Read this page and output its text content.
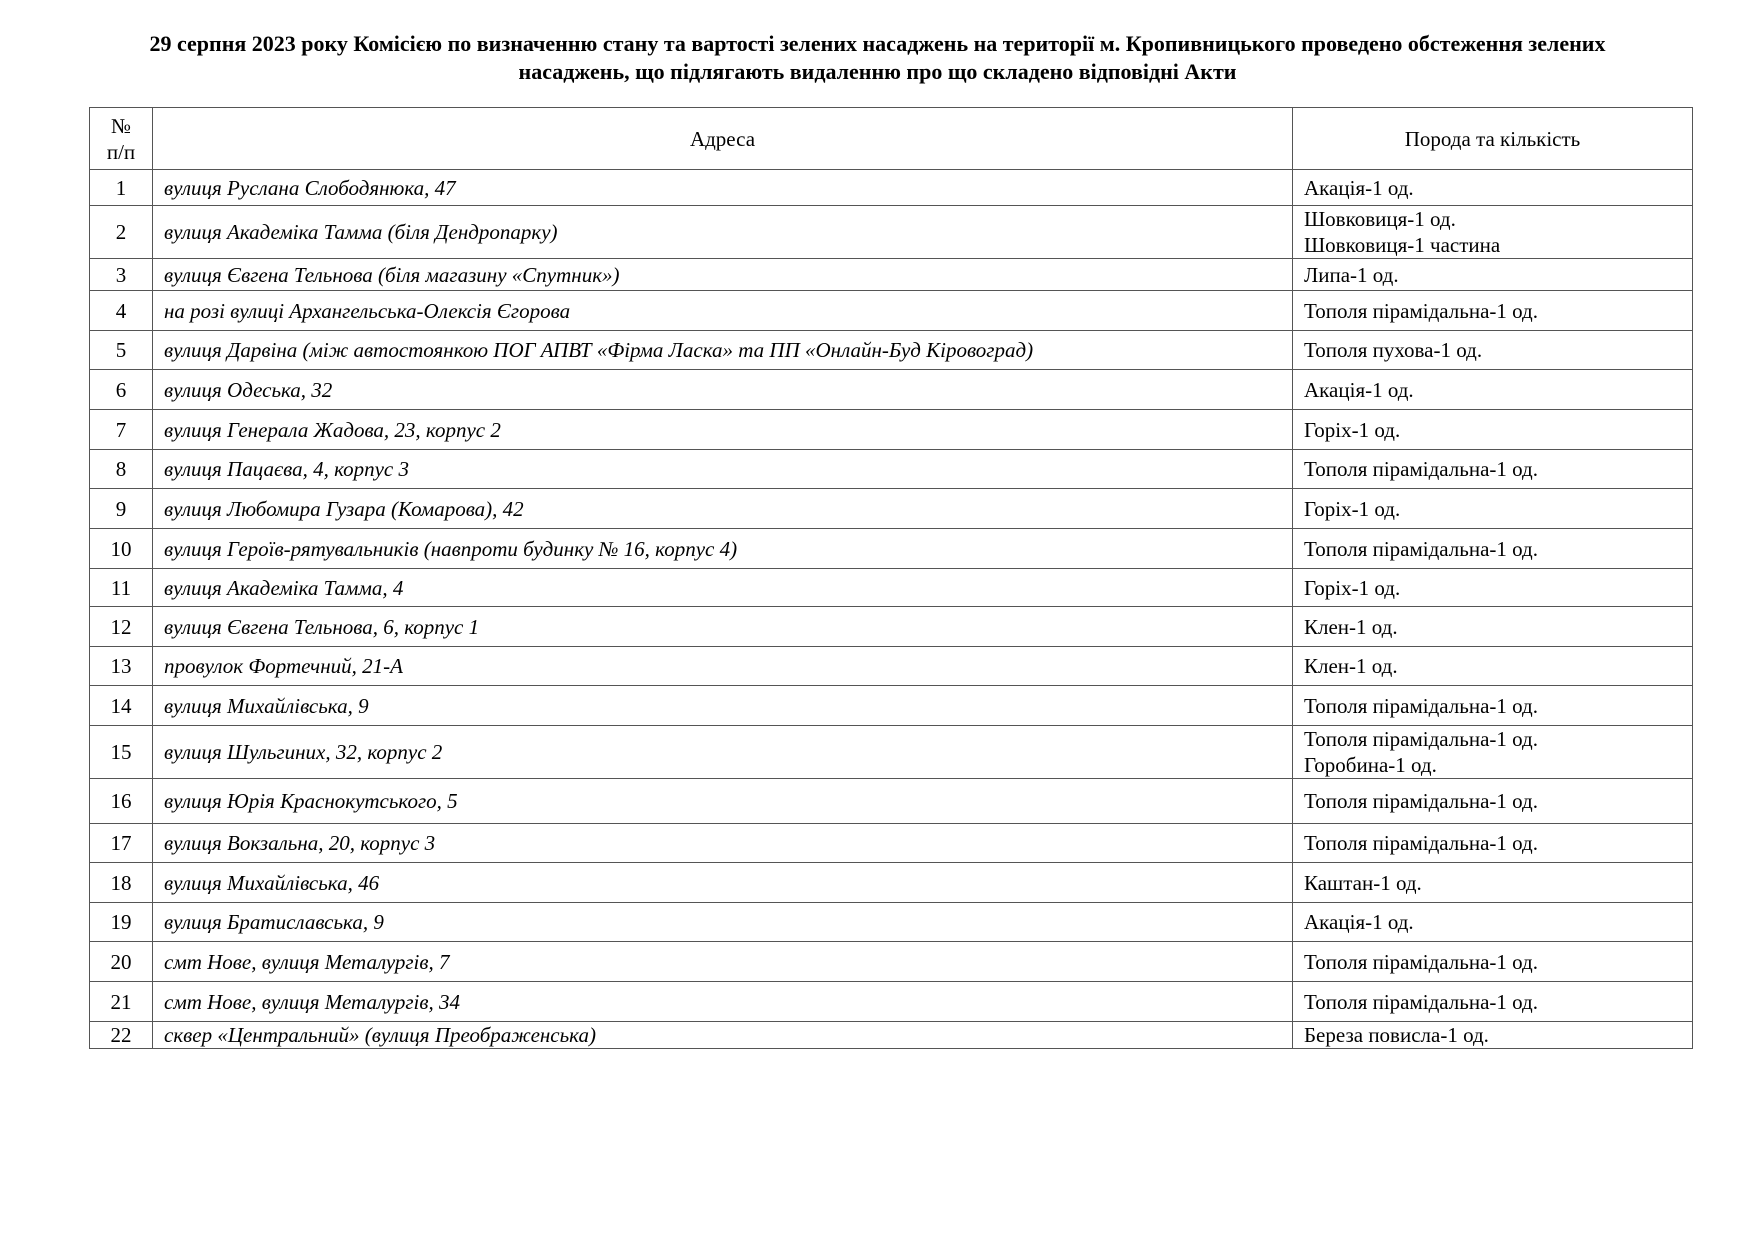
29 серпня 2023 року Комісією по визначенню стану та вартості зелених насаджень на території м. Кропивницького проведено обстеження зелених
насаджень, що підлягають видаленню про що складено відповідні Акти
№
п/п	Адреса	Порода та кількість
1	вулиця Руслана Слободянюка, 47	Акація-1 од.

2	вулиця Академіка Тамма (біля Дендропарку)	Шовковиця-1 од.
Шовковиця-1 частина

3	вулиця Євгена Тельнова (біля магазину «Спутник»)	Липа-1 од.

4	на розі вулиці Архангельська-Олексія Єгорова	Тополя пірамідальна-1 од.

5	вулиця Дарвіна (між автостоянкою ПОГ АПВТ «Фірма Ласка» та ПП «Онлайн-Буд Кіровоград)	Тополя пухова-1 од.

6	вулиця Одеська, 32	Акація-1 од.

7	вулиця Генерала Жадова, 23, корпус 2	Горіх-1 од.

8	вулиця Пацаєва, 4, корпус 3	Тополя пірамідальна-1 од.

9	вулиця Любомира Гузара (Комарова), 42	Горіх-1 од.

10	вулиця Героїв-рятувальників (навпроти будинку № 16, корпус 4)	Тополя пірамідальна-1 од.

11	вулиця Академіка Тамма, 4	Горіх-1 од.

12	вулиця Євгена Тельнова, 6, корпус 1	Клен-1 од.

13	провулок Фортечний, 21-А	Клен-1 од.

14	вулиця Михайлівська, 9	Тополя пірамідальна-1 од.

15	вулиця Шульгиних, 32, корпус 2	Тополя пірамідальна-1 од.
Горобина-1 од.

16	вулиця Юрія Краснокутського, 5	Тополя пірамідальна-1 од.

17	вулиця Вокзальна, 20, корпус 3	Тополя пірамідальна-1 од.

18	вулиця Михайлівська, 46	Каштан-1 од.

19	вулиця Братиславська, 9	Акація-1 од.

20	смт Нове, вулиця Металургів, 7	Тополя пірамідальна-1 од.

21	смт Нове, вулиця Металургів, 34	Тополя пірамідальна-1 од.

22	сквер «Центральний» (вулиця Преображенська)	Береза повисла-1 од.
